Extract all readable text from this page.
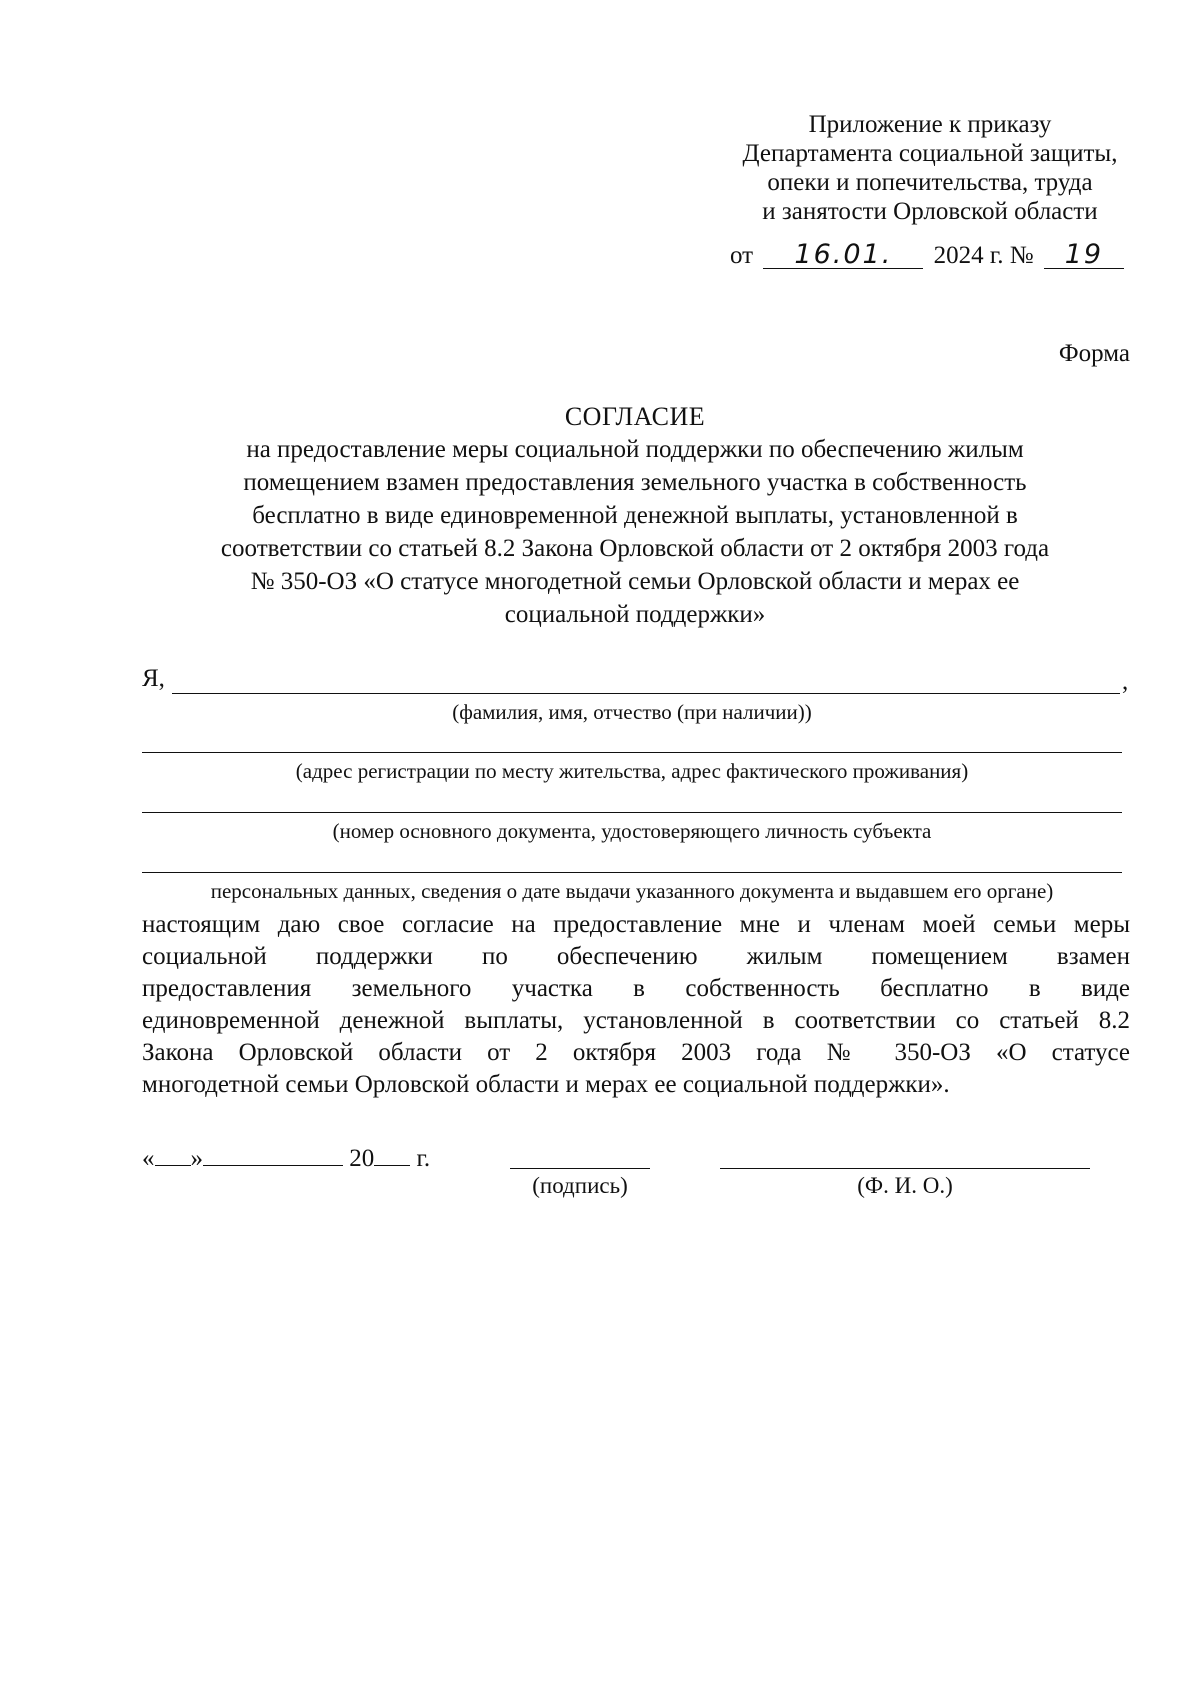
Приложение к приказу
Департамента социальной защиты,
опеки и попечительства, труда
и занятости Орловской области
от 16.01. 2024 г. № 19
Форма
СОГЛАСИЕ
на предоставление меры социальной поддержки по обеспечению жилым
помещением взамен предоставления земельного участка в собственность
бесплатно в виде единовременной денежной выплаты, установленной в
соответствии со статьей 8.2 Закона Орловской области от 2 октября 2003 года
№ 350-ОЗ «О статусе многодетной семьи Орловской области и мерах ее
социальной поддержки»
Я,	,
(фамилия, имя, отчество (при наличии))
(адрес регистрации по месту жительства, адрес фактического проживания)
(номер основного документа, удостоверяющего личность субъекта
персональных данных, сведения о дате выдачи указанного документа и выдавшем его органе)
настоящим даю свое согласие на предоставление мне и членам моей семьи меры
социальной поддержки по обеспечению жилым помещением взамен
предоставления земельного участка в собственность бесплатно в виде
единовременной денежной выплаты, установленной в соответствии со статьей 8.2
Закона Орловской области от 2 октября 2003 года № 350-ОЗ «О статусе
многодетной семьи Орловской области и мерах ее социальной поддержки».
« »	20 г.
(подпись)	(Ф. И. О.)
